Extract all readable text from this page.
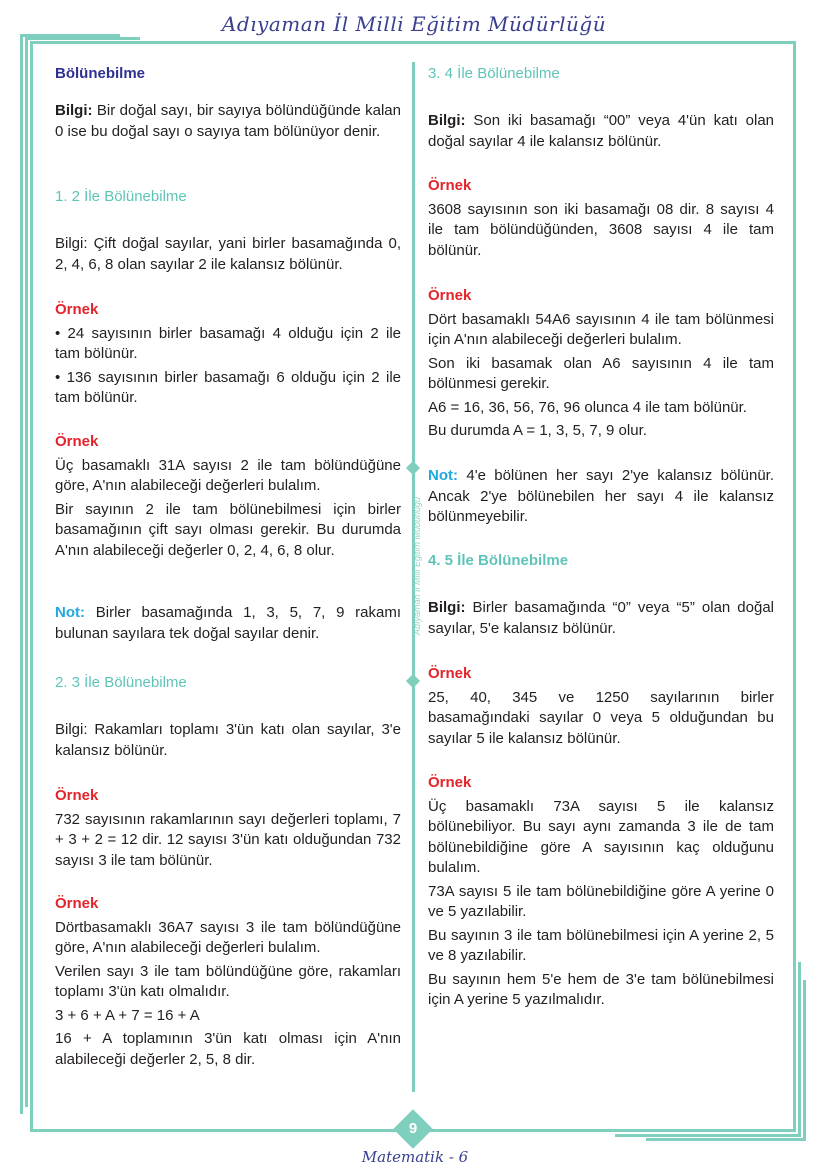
Adıyaman İl Milli Eğitim Müdürlüğü
Adıyaman İl Milli Eğitim Müdürlüğü
Bölünebilme

Bilgi: Bir doğal sayı, bir sayıya bölündüğünde kalan 0 ise bu doğal sayı o sayıya tam bölünüyor denir.

1. 2 İle Bölünebilme

Bilgi: Çift doğal sayılar, yani birler basamağında 0, 2, 4, 6, 8 olan sayılar 2 ile kalansız bölünür.

Örnek

• 24 sayısının birler basamağı 4 olduğu için 2 ile tam bölünür.

• 136 sayısının birler basamağı 6 olduğu için 2 ile tam bölünür.

Örnek

Üç basamaklı 31A sayısı 2 ile tam bölündüğüne göre, A'nın alabileceği değerleri bulalım.

Bir sayının 2 ile tam bölünebilmesi için birler basamağının çift sayı olması gerekir. Bu durumda A'nın alabileceği değerler 0, 2, 4, 6, 8 olur.

Not: Birler basamağında 1, 3, 5, 7, 9 rakamı bulunan sayılara tek doğal sayılar denir.

2. 3 İle Bölünebilme

Bilgi: Rakamları toplamı 3'ün katı olan sayılar, 3'e kalansız bölünür.

Örnek

732 sayısının rakamlarının sayı değerleri toplamı, 7 + 3 + 2 = 12 dir. 12 sayısı 3'ün katı olduğundan 732 sayısı 3 ile tam bölünür.

Örnek

Dörtbasamaklı 36A7 sayısı 3 ile tam bölündüğüne göre, A'nın alabileceği değerleri bulalım.

Verilen sayı 3 ile tam bölündüğüne göre, rakamları toplamı 3'ün katı olmalıdır.

3 + 6 + A + 7 = 16 + A

16 + A toplamının 3'ün katı olması için A'nın alabileceği değerler 2, 5, 8 dir.

3. 4 İle Bölünebilme

Bilgi: Son iki basamağı “00” veya 4'ün katı olan doğal sayılar 4 ile kalansız bölünür.

Örnek

3608 sayısının son iki basamağı 08 dir. 8 sayısı 4 ile tam bölündüğünden, 3608 sayısı 4 ile tam bölünür.

Örnek

Dört basamaklı 54A6 sayısının 4 ile tam bölünmesi için A'nın alabileceği değerleri bulalım.

Son iki basamak olan A6 sayısının 4 ile tam bölünmesi gerekir.

A6 = 16, 36, 56, 76, 96 olunca 4 ile tam bölünür.

Bu durumda A = 1, 3, 5, 7, 9 olur.

Not: 4'e bölünen her sayı 2'ye kalansız bölünür. Ancak 2'ye bölünebilen her sayı 4 ile kalansız bölünmeyebilir.

4. 5 İle Bölünebilme

Bilgi: Birler basamağında “0” veya “5” olan doğal sayılar, 5'e kalansız bölünür.

Örnek

25, 40, 345 ve 1250 sayılarının birler basamağındaki sayılar 0 veya 5 olduğundan bu sayılar 5 ile kalansız bölünür.

Örnek

Üç basamaklı 73A sayısı 5 ile kalansız bölünebiliyor. Bu sayı aynı zamanda 3 ile de tam bölünebildiğine göre A sayısının kaç olduğunu bulalım.

73A sayısı 5 ile tam bölünebildiğine göre A yerine 0 ve 5 yazılabilir.

Bu sayının 3 ile tam bölünebilmesi için A yerine 2, 5 ve 8 yazılabilir.

Bu sayının hem 5'e hem de 3'e tam bölünebilmesi için A yerine 5 yazılmalıdır.

9
Matematik - 6
